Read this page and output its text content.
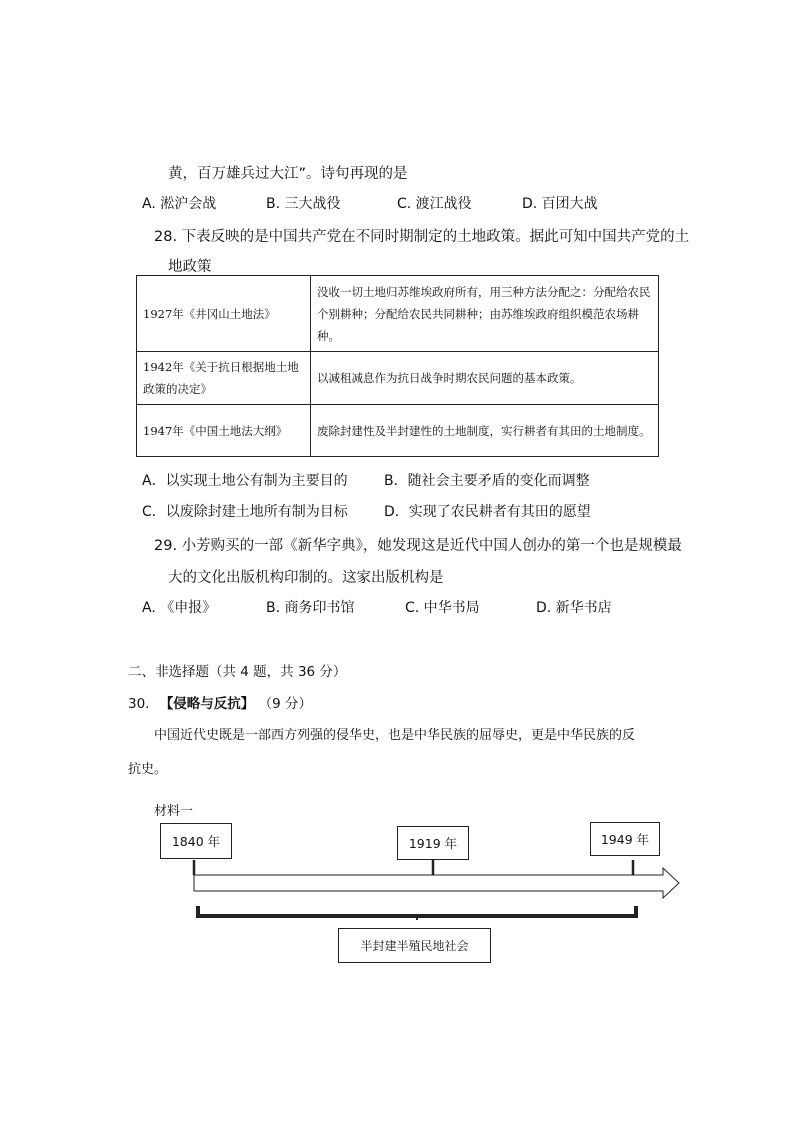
黄，百万雄兵过大江”。诗句再现的是
A. 淞沪会战	B. 三大战役	C. 渡江战役	D. 百团大战
28. 下表反映的是中国共产党在不同时期制定的土地政策。据此可知中国共产党的土
地政策
1927年《井冈山土地法》	没收一切土地归苏维埃政府所有，用三种方法分配之：分配给农民个别耕种；分配给农民共同耕种；由苏维埃政府组织模范农场耕种。
1942年《关于抗日根据地土地政策的决定》	以减租减息作为抗日战争时期农民问题的基本政策。
1947年《中国土地法大纲》	废除封建性及半封建性的土地制度，实行耕者有其田的土地制度。
A．以实现土地公有制为主要目的	B．随社会主要矛盾的变化而调整
C．以废除封建土地所有制为目标	D．实现了农民耕者有其田的愿望
29. 小芳购买的一部《新华字典》，她发现这是近代中国人创办的第一个也是规模最
大的文化出版机构印制的。这家出版机构是
A. 《申报》	B. 商务印书馆	C. 中华书局	D. 新华书店
二、非选择题（共 4 题，共 36 分）
30. 【侵略与反抗】 （9 分）
中国近代史既是一部西方列强的侵华史，也是中华民族的屈辱史，更是中华民族的反
抗史。
材料一
1840 年	1919 年	1949 年
半封建半殖民地社会
